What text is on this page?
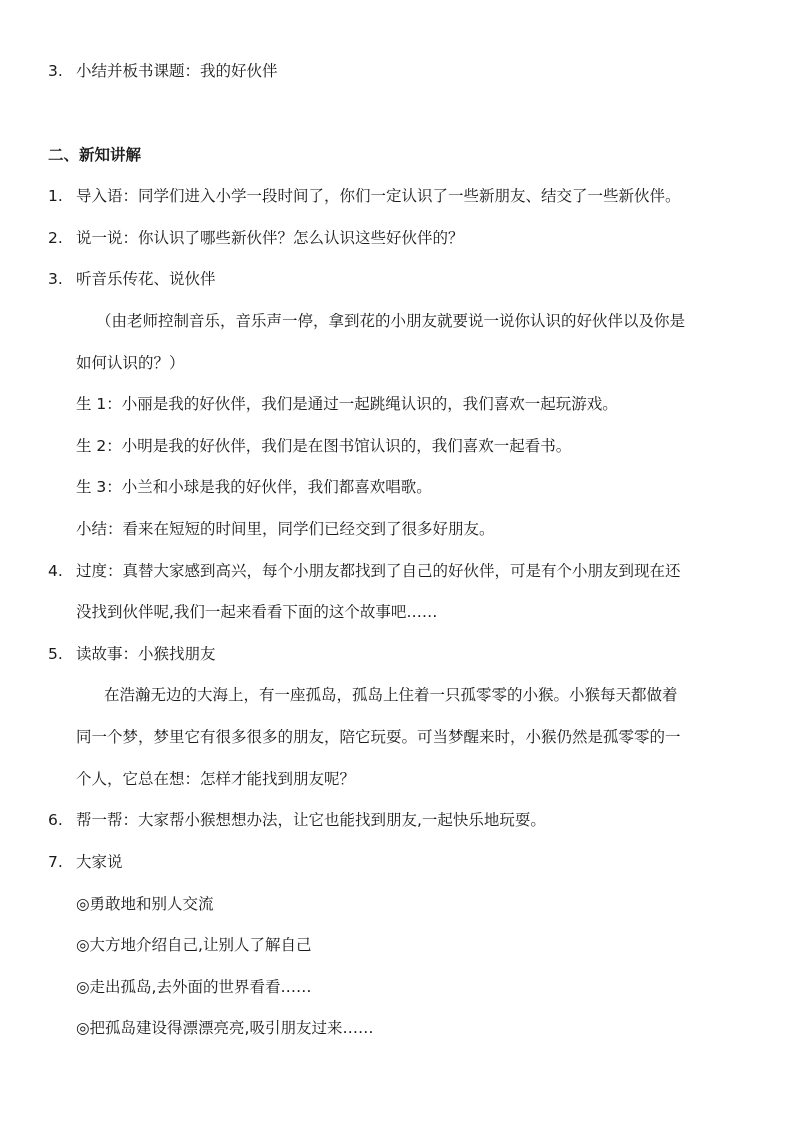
3. 小结并板书课题：我的好伙伴
二、新知讲解
1. 导入语：同学们进入小学一段时间了，你们一定认识了一些新朋友、结交了一些新伙伴。
2. 说一说：你认识了哪些新伙伴？怎么认识这些好伙伴的？
3. 听音乐传花、说伙伴
（由老师控制音乐，音乐声一停，拿到花的小朋友就要说一说你认识的好伙伴以及你是
如何认识的？）
生 1：小丽是我的好伙伴，我们是通过一起跳绳认识的，我们喜欢一起玩游戏。
生 2：小明是我的好伙伴，我们是在图书馆认识的，我们喜欢一起看书。
生 3：小兰和小球是我的好伙伴，我们都喜欢唱歌。
小结：看来在短短的时间里，同学们已经交到了很多好朋友。
4. 过度：真替大家感到高兴，每个小朋友都找到了自己的好伙伴，可是有个小朋友到现在还
没找到伙伴呢,我们一起来看看下面的这个故事吧……
5. 读故事：小猴找朋友
在浩瀚无边的大海上，有一座孤岛，孤岛上住着一只孤零零的小猴。小猴每天都做着
同一个梦，梦里它有很多很多的朋友，陪它玩耍。可当梦醒来时，小猴仍然是孤零零的一
个人，它总在想：怎样才能找到朋友呢？
6. 帮一帮：大家帮小猴想想办法，让它也能找到朋友,一起快乐地玩耍。
7. 大家说
◎勇敢地和别人交流
◎大方地介绍自己,让别人了解自己
◎走出孤岛,去外面的世界看看……
◎把孤岛建设得漂漂亮亮,吸引朋友过来……
